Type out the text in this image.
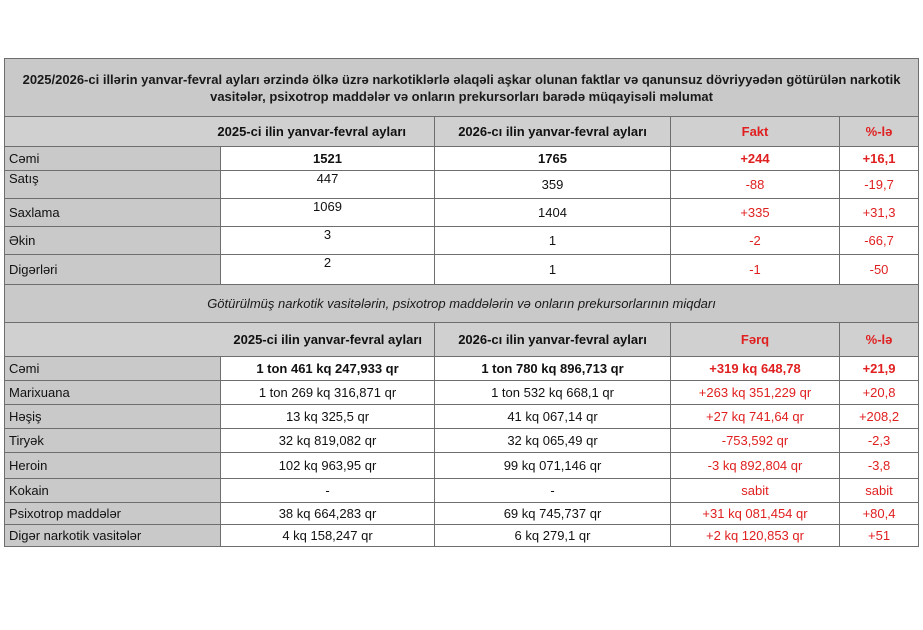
2025/2026-ci illərin yanvar-fevral ayları ərzində ölkə üzrə narkotiklərlə əlaqəli aşkar olunan faktlar və qanunsuz dövriyyədən götürülən narkotik vasitələr, psixotrop maddələr və onların prekursorları barədə müqayisəli məlumat				
2025-ci ilin yanvar-fevral ayları		2026-cı ilin yanvar-fevral ayları	Fakt	%-lə
Cəmi	1521	1765	+244	+16,1
Satış	447	359	-88	-19,7
Saxlama	1069	1404	+335	+31,3
Əkin	3	1	-2	-66,7
Digərləri	2	1	-1	-50
Götürülmüş narkotik vasitələrin, psixotrop maddələrin və onların prekursorlarının miqdarı				
2025-ci ilin yanvar-fevral ayları		2026-cı ilin yanvar-fevral ayları	Fərq	%-lə
Cəmi	1 ton 461 kq 247,933 qr	1 ton 780 kq 896,713 qr	+319 kq 648,78	+21,9
Marixuana	1 ton 269 kq 316,871 qr	1 ton 532 kq 668,1 qr	+263 kq 351,229 qr	+20,8
Həşiş	13 kq 325,5 qr	41 kq 067,14 qr	+27 kq 741,64 qr	+208,2
Tiryək	32 kq 819,082 qr	32 kq 065,49 qr	-753,592 qr	-2,3
Heroin	102 kq 963,95 qr	99 kq 071,146 qr	-3 kq 892,804 qr	-3,8
Kokain	-	-	sabit	sabit
Psixotrop maddələr	38 kq 664,283 qr	69 kq 745,737 qr	+31 kq 081,454 qr	+80,4
Digər narkotik vasitələr	4 kq 158,247 qr	6 kq 279,1 qr	+2 kq 120,853 qr	+51
